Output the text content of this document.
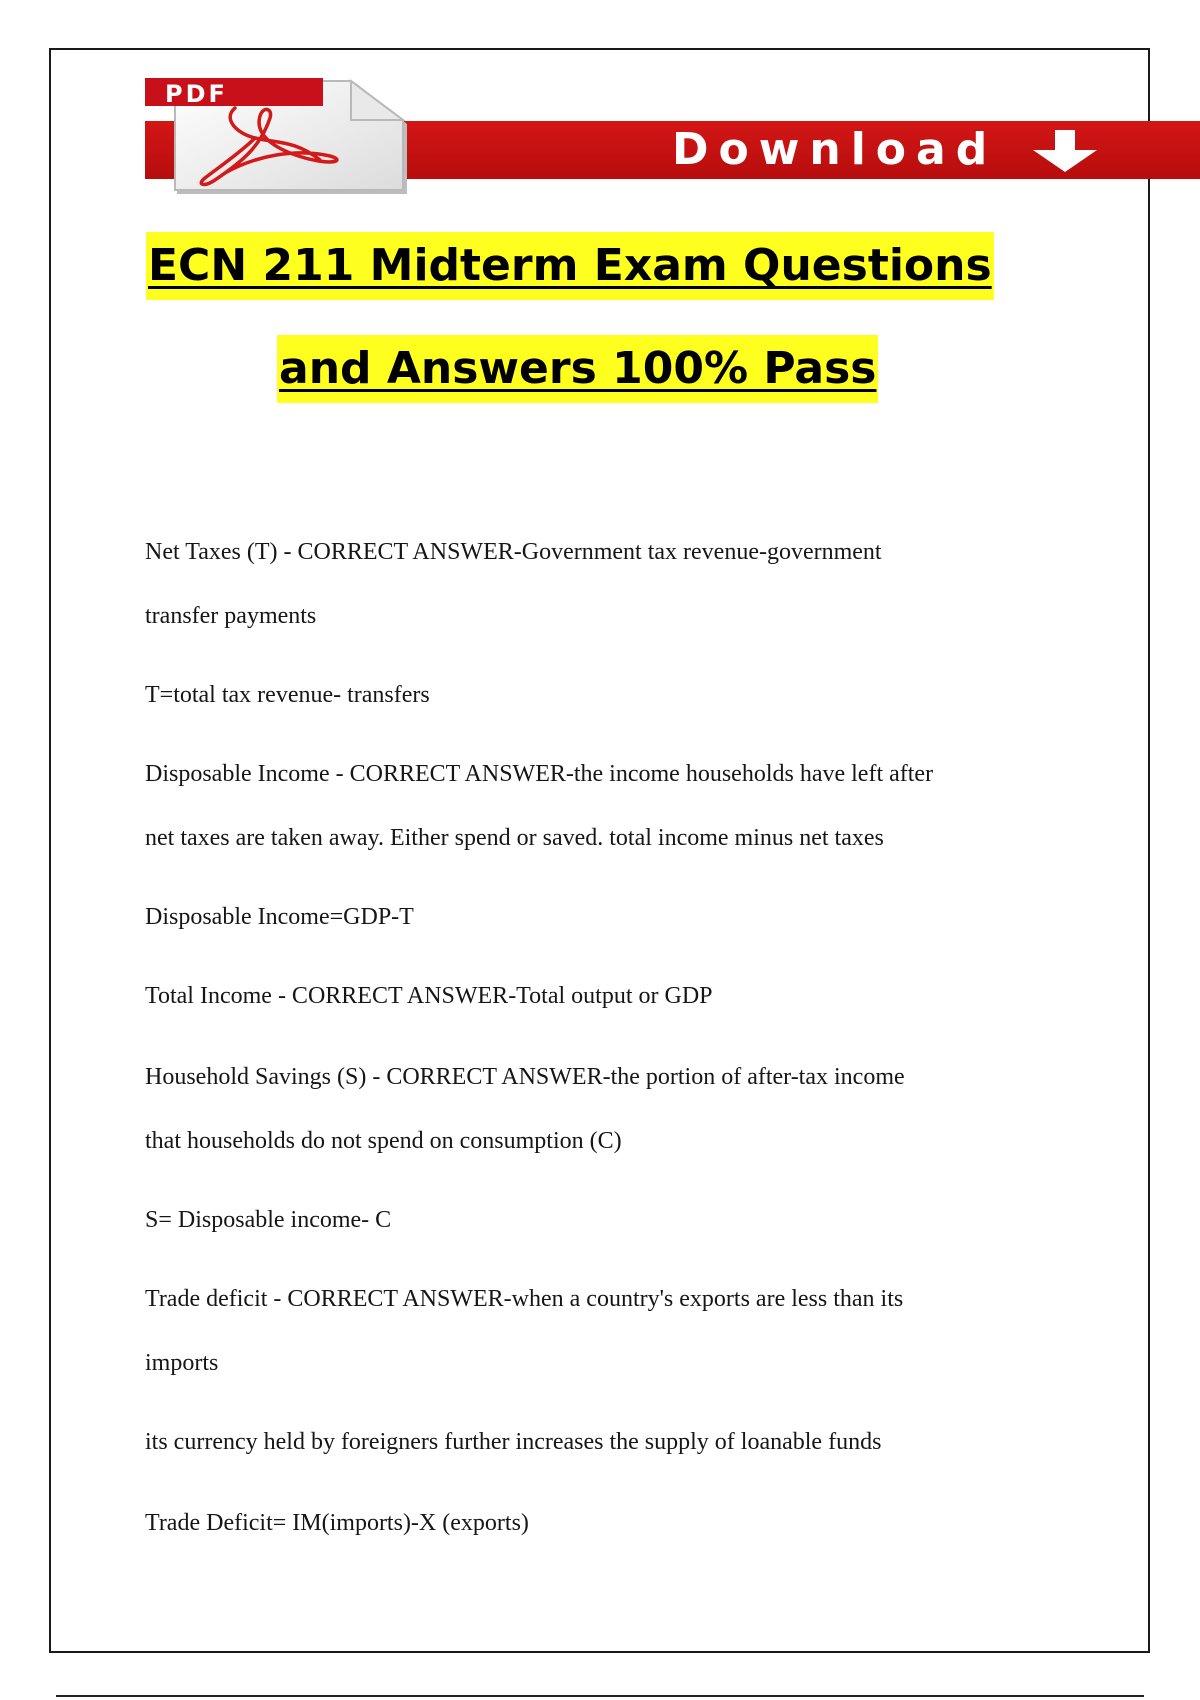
Download
PDF
ECN 211 Midterm Exam Questions
and Answers 100% Pass
Net Taxes (T) - CORRECT ANSWER-Government tax revenue-government
transfer payments
T=total tax revenue- transfers
Disposable Income - CORRECT ANSWER-the income households have left after
net taxes are taken away. Either spend or saved. total income minus net taxes
Disposable Income=GDP-T
Total Income - CORRECT ANSWER-Total output or GDP
Household Savings (S) - CORRECT ANSWER-the portion of after-tax income
that households do not spend on consumption (C)
S= Disposable income- C
Trade deficit - CORRECT ANSWER-when a country's exports are less than its
imports
its currency held by foreigners further increases the supply of loanable funds
Trade Deficit= IM(imports)-X (exports)
